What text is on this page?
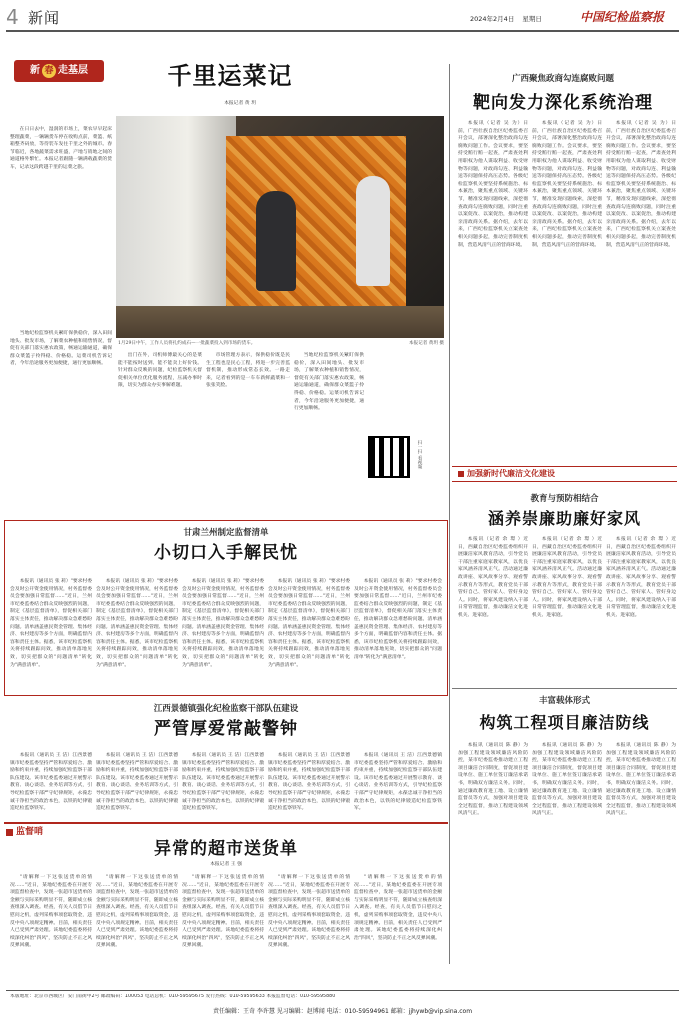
4 新闻	2024年2月4日 星期日	中国纪检监察报
新 春 走基层	千里运菜记
本报记者 黄 玥

在日日去中，湿润的市场上，菜农早早起床整理蔬菜，一辆辆货车停在收购点前，菜篮、纸箱整齐码放，等待装车发往千里之外的城市。春节临近，各地蔬菜需求旺盛，产地与销地之间的通道格外繁忙。本报记者跟随一辆满载蔬菜的货车，记录这段跨越千里的运菜之旅。

1月29日中午，工作人员将扎约成石—一批蔬菜投入到市场的货车。	本报记者 黄玥 摄

当地纪检监察机关紧盯保供稳价，深入田间地头、批发市场，了解菜农种植和销售情况，督促有关部门落实惠农政策，畅通运输通道，确保群众菜篮子拎得稳、价格稳。运菜司机告诉记者，今年沿途服务更加便捷，通行更加顺畅。

出门在外，司机师傅最关心的是菜能不能按时送到、能不能卖上好价钱。针对群众反映的问题，纪检监察机关督促相关单位优化服务流程，压减办事时限，切实为群众办实事解难题。

市场管理方表示，保供稳价既是民生工程也是民心工程，将进一步完善监督机制，推动形成常态长效。一路走来，记者看到的是一车车新鲜蔬菜和一张张笑脸。

当地纪检监察机关紧盯保供稳价，深入田间地头、批发市场，了解菜农种植和销售情况，督促有关部门落实惠农政策，畅通运输通道，确保群众菜篮子拎得稳、价格稳。运菜司机告诉记者，今年沿途服务更加便捷，通行更加顺畅。

扫一扫 看视频
广西聚焦政商勾连腐败问题
靶向发力深化系统治理

本报讯（记者 吴 为）日前，广西壮族自治区纪委监委召开会议，部署深化整治政商勾连腐败问题工作。会议要求，要坚持受贿行贿一起查，严肃查处利用职权为他人谋取利益、收受财物等问题，对政商勾连、利益输送等问题保持高压态势。各级纪检监察机关要坚持系统施治、标本兼治，聚焦重点领域、关键环节，精准发现问题线索，深挖彻查政商勾连腐败问题，同时注重以案促改、以案促治，推动构建亲清政商关系。据介绍，去年以来，广西纪检监察机关立案查处相关问题多起，推动完善制度机制，营造风清气正的营商环境。

本报讯（记者 吴 为）日前，广西壮族自治区纪委监委召开会议，部署深化整治政商勾连腐败问题工作。会议要求，要坚持受贿行贿一起查，严肃查处利用职权为他人谋取利益、收受财物等问题，对政商勾连、利益输送等问题保持高压态势。各级纪检监察机关要坚持系统施治、标本兼治，聚焦重点领域、关键环节，精准发现问题线索，深挖彻查政商勾连腐败问题，同时注重以案促改、以案促治，推动构建亲清政商关系。据介绍，去年以来，广西纪检监察机关立案查处相关问题多起，推动完善制度机制，营造风清气正的营商环境。

本报讯（记者 吴 为）日前，广西壮族自治区纪委监委召开会议，部署深化整治政商勾连腐败问题工作。会议要求，要坚持受贿行贿一起查，严肃查处利用职权为他人谋取利益、收受财物等问题，对政商勾连、利益输送等问题保持高压态势。各级纪检监察机关要坚持系统施治、标本兼治，聚焦重点领域、关键环节，精准发现问题线索，深挖彻查政商勾连腐败问题，同时注重以案促改、以案促治，推动构建亲清政商关系。据介绍，去年以来，广西纪检监察机关立案查处相关问题多起，推动完善制度机制，营造风清气正的营商环境。

甘肃兰州制定监督清单
小切口入手解民忧

本报讯（通讯员 张 莉）"要求村委会及时公开资金使用情况，村务监督委员会要加强日常监督……"近日，兰州市纪委监委结合群众反映强烈的问题，制定《基层监督清单》，督促相关部门落实主体责任，推动解决群众急难愁盼问题。清单涵盖惠民资金管理、集体经济、农村建房等多个方面，明确监督内容和责任主体。据悉，该市纪检监察机关将持续跟踪问效，推动清单落地见效，切实把群众的"问题清单"转化为"满意清单"。

本报讯（通讯员 张 莉）"要求村委会及时公开资金使用情况，村务监督委员会要加强日常监督……"近日，兰州市纪委监委结合群众反映强烈的问题，制定《基层监督清单》，督促相关部门落实主体责任，推动解决群众急难愁盼问题。清单涵盖惠民资金管理、集体经济、农村建房等多个方面，明确监督内容和责任主体。据悉，该市纪检监察机关将持续跟踪问效，推动清单落地见效，切实把群众的"问题清单"转化为"满意清单"。

本报讯（通讯员 张 莉）"要求村委会及时公开资金使用情况，村务监督委员会要加强日常监督……"近日，兰州市纪委监委结合群众反映强烈的问题，制定《基层监督清单》，督促相关部门落实主体责任，推动解决群众急难愁盼问题。清单涵盖惠民资金管理、集体经济、农村建房等多个方面，明确监督内容和责任主体。据悉，该市纪检监察机关将持续跟踪问效，推动清单落地见效，切实把群众的"问题清单"转化为"满意清单"。

本报讯（通讯员 张 莉）"要求村委会及时公开资金使用情况，村务监督委员会要加强日常监督……"近日，兰州市纪委监委结合群众反映强烈的问题，制定《基层监督清单》，督促相关部门落实主体责任，推动解决群众急难愁盼问题。清单涵盖惠民资金管理、集体经济、农村建房等多个方面，明确监督内容和责任主体。据悉，该市纪检监察机关将持续跟踪问效，推动清单落地见效，切实把群众的"问题清单"转化为"满意清单"。

本报讯（通讯员 张 莉）"要求村委会及时公开资金使用情况，村务监督委员会要加强日常监督……"近日，兰州市纪委监委结合群众反映强烈的问题，制定《基层监督清单》，督促相关部门落实主体责任，推动解决群众急难愁盼问题。清单涵盖惠民资金管理、集体经济、农村建房等多个方面，明确监督内容和责任主体。据悉，该市纪检监察机关将持续跟踪问效，推动清单落地见效，切实把群众的"问题清单"转化为"满意清单"。

加强新时代廉洁文化建设
教育与预防相结合
涵养崇廉助廉好家风

本报讯（记者 余 璟 ）近日，西藏自治区纪委监委组织开展廉洁家风教育活动，引导党员干部注重家庭家教家风，以优良家风涵养清风正气。活动通过廉政讲座、家风故事分享、观看警示教育片等形式，教育党员干部管好自己、管好家人、管好身边人。同时，将家风建设纳入干部日常管理监督，推动廉洁文化进机关、进家庭。

本报讯（记者 余 璟 ）近日，西藏自治区纪委监委组织开展廉洁家风教育活动，引导党员干部注重家庭家教家风，以优良家风涵养清风正气。活动通过廉政讲座、家风故事分享、观看警示教育片等形式，教育党员干部管好自己、管好家人、管好身边人。同时，将家风建设纳入干部日常管理监督，推动廉洁文化进机关、进家庭。

本报讯（记者 余 璟 ）近日，西藏自治区纪委监委组织开展廉洁家风教育活动，引导党员干部注重家庭家教家风，以优良家风涵养清风正气。活动通过廉政讲座、家风故事分享、观看警示教育片等形式，教育党员干部管好自己、管好家人、管好身边人。同时，将家风建设纳入干部日常管理监督，推动廉洁文化进机关、进家庭。

江西景德镇强化纪检监察干部队伍建设
严管厚爱常敲警钟

本报讯（通讯员 王 洁）江西景德镇市纪委监委坚持严管和厚爱结合、激励和约束并重，持续加强纪检监察干部队伍建设。该市纪委监委通过开展警示教育、谈心谈话、业务培训等方式，引导纪检监察干部严守纪律规矩，永葆忠诚干净担当的政治本色，以铁的纪律锻造纪检监察铁军。

本报讯（通讯员 王 洁）江西景德镇市纪委监委坚持严管和厚爱结合、激励和约束并重，持续加强纪检监察干部队伍建设。该市纪委监委通过开展警示教育、谈心谈话、业务培训等方式，引导纪检监察干部严守纪律规矩，永葆忠诚干净担当的政治本色，以铁的纪律锻造纪检监察铁军。

本报讯（通讯员 王 洁）江西景德镇市纪委监委坚持严管和厚爱结合、激励和约束并重，持续加强纪检监察干部队伍建设。该市纪委监委通过开展警示教育、谈心谈话、业务培训等方式，引导纪检监察干部严守纪律规矩，永葆忠诚干净担当的政治本色，以铁的纪律锻造纪检监察铁军。

本报讯（通讯员 王 洁）江西景德镇市纪委监委坚持严管和厚爱结合、激励和约束并重，持续加强纪检监察干部队伍建设。该市纪委监委通过开展警示教育、谈心谈话、业务培训等方式，引导纪检监察干部严守纪律规矩，永葆忠诚干净担当的政治本色，以铁的纪律锻造纪检监察铁军。

本报讯（通讯员 王 洁）江西景德镇市纪委监委坚持严管和厚爱结合、激励和约束并重，持续加强纪检监察干部队伍建设。该市纪委监委通过开展警示教育、谈心谈话、业务培训等方式，引导纪检监察干部严守纪律规矩，永葆忠诚干净担当的政治本色，以铁的纪律锻造纪检监察铁军。

丰富载体形式
构筑工程项目廉洁防线

本报讯（通讯员 陈 静）为加强工程建设领域廉洁风险防控，某市纪委监委推动建立工程项目廉洁合同制度，督促项目建设单位、施工单位签订廉洁承诺书，明确双方廉洁义务。同时，通过廉政教育进工地、设立廉情监督员等方式，加强对项目建设全过程监督，推动工程建设领域风清气正。

本报讯（通讯员 陈 静）为加强工程建设领域廉洁风险防控，某市纪委监委推动建立工程项目廉洁合同制度，督促项目建设单位、施工单位签订廉洁承诺书，明确双方廉洁义务。同时，通过廉政教育进工地、设立廉情监督员等方式，加强对项目建设全过程监督，推动工程建设领域风清气正。

本报讯（通讯员 陈 静）为加强工程建设领域廉洁风险防控，某市纪委监委推动建立工程项目廉洁合同制度，督促项目建设单位、施工单位签订廉洁承诺书，明确双方廉洁义务。同时，通过廉政教育进工地、设立廉情监督员等方式，加强对项目建设全过程监督，推动工程建设领域风清气正。

监督哨
异常的超市送货单
本报记者 王 强

"请解释一下这张送货单的情况……"近日，某地纪委监委在开展专项监督检查中，发现一张超市送货单的金额与实际采购明显不符，随即成立核查组深入调查。经查，有关人员借节日慰问之机，虚列采购事项套取资金，违反中央八项规定精神。目前，相关责任人已受到严肃处理。该地纪委监委将持续深化纠治"四风"，坚决防止不正之风反弹回潮。

"请解释一下这张送货单的情况……"近日，某地纪委监委在开展专项监督检查中，发现一张超市送货单的金额与实际采购明显不符，随即成立核查组深入调查。经查，有关人员借节日慰问之机，虚列采购事项套取资金，违反中央八项规定精神。目前，相关责任人已受到严肃处理。该地纪委监委将持续深化纠治"四风"，坚决防止不正之风反弹回潮。

"请解释一下这张送货单的情况……"近日，某地纪委监委在开展专项监督检查中，发现一张超市送货单的金额与实际采购明显不符，随即成立核查组深入调查。经查，有关人员借节日慰问之机，虚列采购事项套取资金，违反中央八项规定精神。目前，相关责任人已受到严肃处理。该地纪委监委将持续深化纠治"四风"，坚决防止不正之风反弹回潮。

"请解释一下这张送货单的情况……"近日，某地纪委监委在开展专项监督检查中，发现一张超市送货单的金额与实际采购明显不符，随即成立核查组深入调查。经查，有关人员借节日慰问之机，虚列采购事项套取资金，违反中央八项规定精神。目前，相关责任人已受到严肃处理。该地纪委监委将持续深化纠治"四风"，坚决防止不正之风反弹回潮。

"请解释一下这张送货单的情况……"近日，某地纪委监委在开展专项监督检查中，发现一张超市送货单的金额与实际采购明显不符，随即成立核查组深入调查。经查，有关人员借节日慰问之机，虚列采购事项套取资金，违反中央八项规定精神。目前，相关责任人已受到严肃处理。该地纪委监委将持续深化纠治"四风"，坚决防止不正之风反弹回潮。

本版地址：北京市西城区广安门南街甲2号 邮政编码：100053 电话总机：010-59595675 发行热线：010-59595633 本报监督电话：010-59595880
责任编辑：王奇 李许慧 见习编辑：赵博闻 电话：010-59594961 邮箱：jjhywb@vip.sina.com
